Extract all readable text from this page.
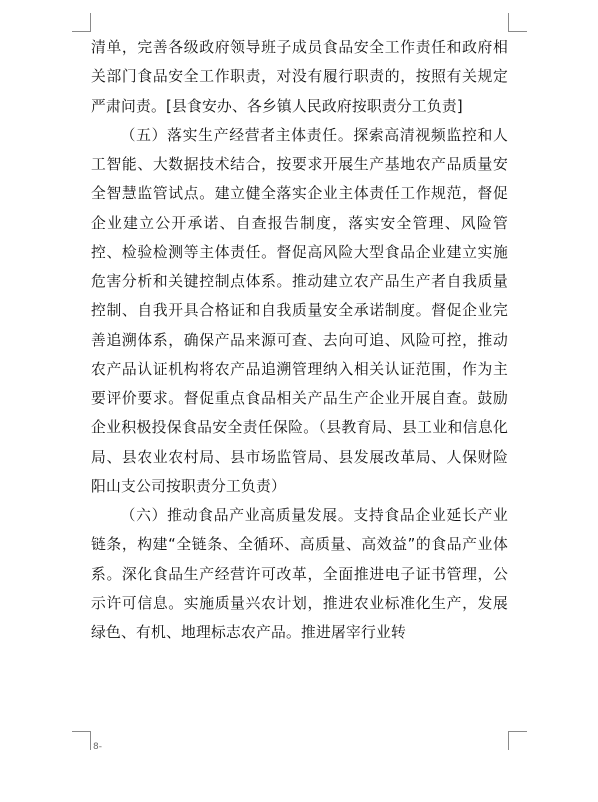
清单，完善各级政府领导班子成员食品安全工作责任和政府相关部门食品安全工作职责，对没有履行职责的，按照有关规定严肃问责。[县食安办、各乡镇人民政府按职责分工负责]

（五）落实生产经营者主体责任。探索高清视频监控和人工智能、大数据技术结合，按要求开展生产基地农产品质量安全智慧监管试点。建立健全落实企业主体责任工作规范，督促企业建立公开承诺、自查报告制度，落实安全管理、风险管控、检验检测等主体责任。督促高风险大型食品企业建立实施危害分析和关键控制点体系。推动建立农产品生产者自我质量控制、自我开具合格证和自我质量安全承诺制度。督促企业完善追溯体系，确保产品来源可查、去向可追、风险可控，推动农产品认证机构将农产品追溯管理纳入相关认证范围，作为主要评价要求。督促重点食品相关产品生产企业开展自查。鼓励企业积极投保食品安全责任保险。（县教育局、县工业和信息化局、县农业农村局、县市场监管局、县发展改革局、人保财险阳山支公司按职责分工负责）

（六）推动食品产业高质量发展。支持食品企业延长产业链条，构建“全链条、全循环、高质量、高效益”的食品产业体系。深化食品生产经营许可改革，全面推进电子证书管理，公示许可信息。实施质量兴农计划，推进农业标准化生产，发展绿色、有机、地理标志农产品。推进屠宰行业转

8-
